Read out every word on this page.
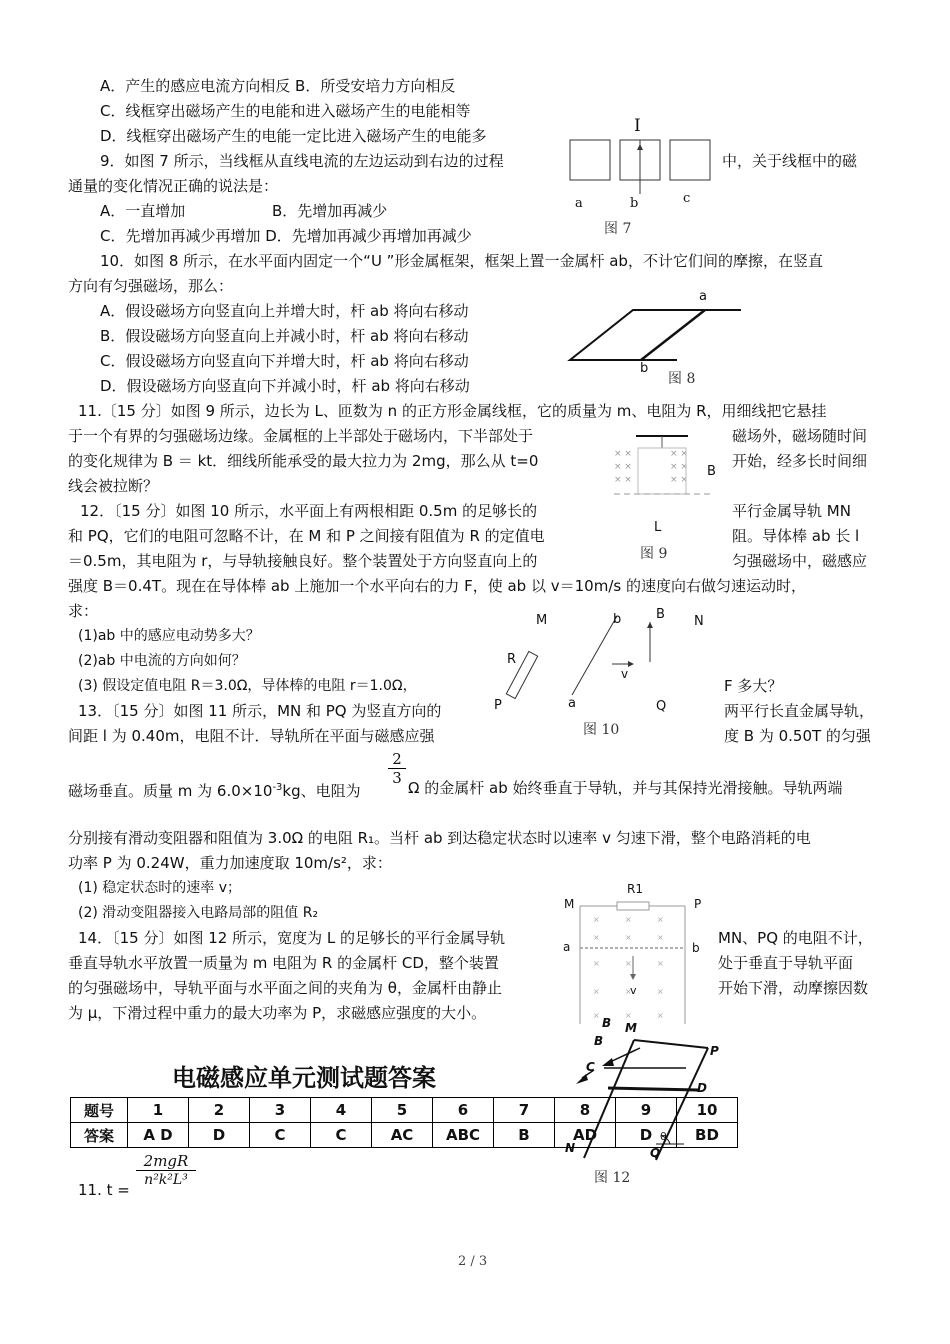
A．产生的感应电流方向相反 B．所受安培力方向相反
C．线框穿出磁场产生的电能和进入磁场产生的电能相等
D．线框穿出磁场产生的电能一定比进入磁场产生的电能多
9．如图 7 所示，当线框从直线电流的左边运动到右边的过程	中，关于线框中的磁
通量的变化情况正确的说法是：
A．一直增加	B．先增加再减少
C．先增加再减少再增加 D．先增加再减少再增加再减少
10．如图 8 所示，在水平面内固定一个“U ”形金属框架，框架上置一金属杆 ab，不计它们间的摩擦，在竖直
方向有匀强磁场，那么：
A．假设磁场方向竖直向上并增大时，杆 ab 将向右移动
B．假设磁场方向竖直向上并减小时，杆 ab 将向右移动
C．假设磁场方向竖直向下并增大时，杆 ab 将向右移动
D．假设磁场方向竖直向下并减小时，杆 ab 将向右移动
11.〔15 分〕如图 9 所示，边长为 L、匝数为 n 的正方形金属线框，它的质量为 m、电阻为 R，用细线把它悬挂
于一个有界的匀强磁场边缘。金属框的上半部处于磁场内，下半部处于	磁场外，磁场随时间
的变化规律为 B ＝ kt．细线所能承受的最大拉力为 2mg，那么从 t=0	开始，经多长时间细
线会被拉断？
12．〔15 分〕如图 10 所示，水平面上有两根相距 0.5m 的足够长的	平行金属导轨 MN
和 PQ，它们的电阻可忽略不计，在 M 和 P 之间接有阻值为 R 的定值电	阻。导体棒 ab 长 l
＝0.5m，其电阻为 r，与导轨接触良好。整个装置处于方向竖直向上的	匀强磁场中，磁感应
强度 B＝0.4T。现在在导体棒 ab 上施加一个水平向右的力 F，使 ab 以 v＝10m/s 的速度向右做匀速运动时，
求：
(1)ab 中的感应电动势多大？
(2)ab 中电流的方向如何？
(3) 假设定值电阻 R＝3.0Ω，导体棒的电阻 r＝1.0Ω，	F 多大？
13．〔15 分〕如图 11 所示，MN 和 PQ 为竖直方向的	两平行长直金属导轨，
间距 l 为 0.40m，电阻不计．导轨所在平面与磁感应强	度 B 为 0.50T 的匀强
磁场垂直。质量 m 为 $6.0\times 10^{-3}kg$、电阻为
$\frac{2}{3}$
Ω 的金属杆 ab 始终垂直于导轨，并与其保持光滑接触。导轨两端
分别接有滑动变阻器和阻值为 3.0Ω 的电阻 R₁。当杆 ab 到达稳定状态时以速率 v 匀速下滑，整个电路消耗的电
功率 P 为 0.24W，重力加速度取 10m/s²，求：
(1) 稳定状态时的速率 v；
(2) 滑动变阻器接入电路局部的阻值 R₂
14．〔15 分〕如图 12 所示，宽度为 L 的足够长的平行金属导轨	MN、PQ 的电阻不计，
垂直导轨水平放置一质量为 m 电阻为 R 的金属杆 CD，整个装置	处于垂直于导轨平面
的匀强磁场中，导轨平面与水平面之间的夹角为 θ，金属杆由静止	开始下滑，动摩擦因数
为 μ，下滑过程中重力的最大功率为 P，求磁感应强度的大小。
I
a	b	c
图 7
a
b
图 8
× ×	× ×
× ×	× ×
× ×	× ×
B
L
图 9
M	b	B N
R
v
P	a	Q
图 10
×	×	×
×	×	×
×	×	×
×	×	×
×	×	×
R1
M	P
a	b
v
M
B
B
P
C
D
N	Q
θ
图 12
电磁感应单元测试题答案
题号	1	2	3	4	5	6	7	8	9	10
答案	A D	D	C	C	AC	ABC	B	AD	D	BD
11. t =
2mgR
n²k²L³
2 / 3
